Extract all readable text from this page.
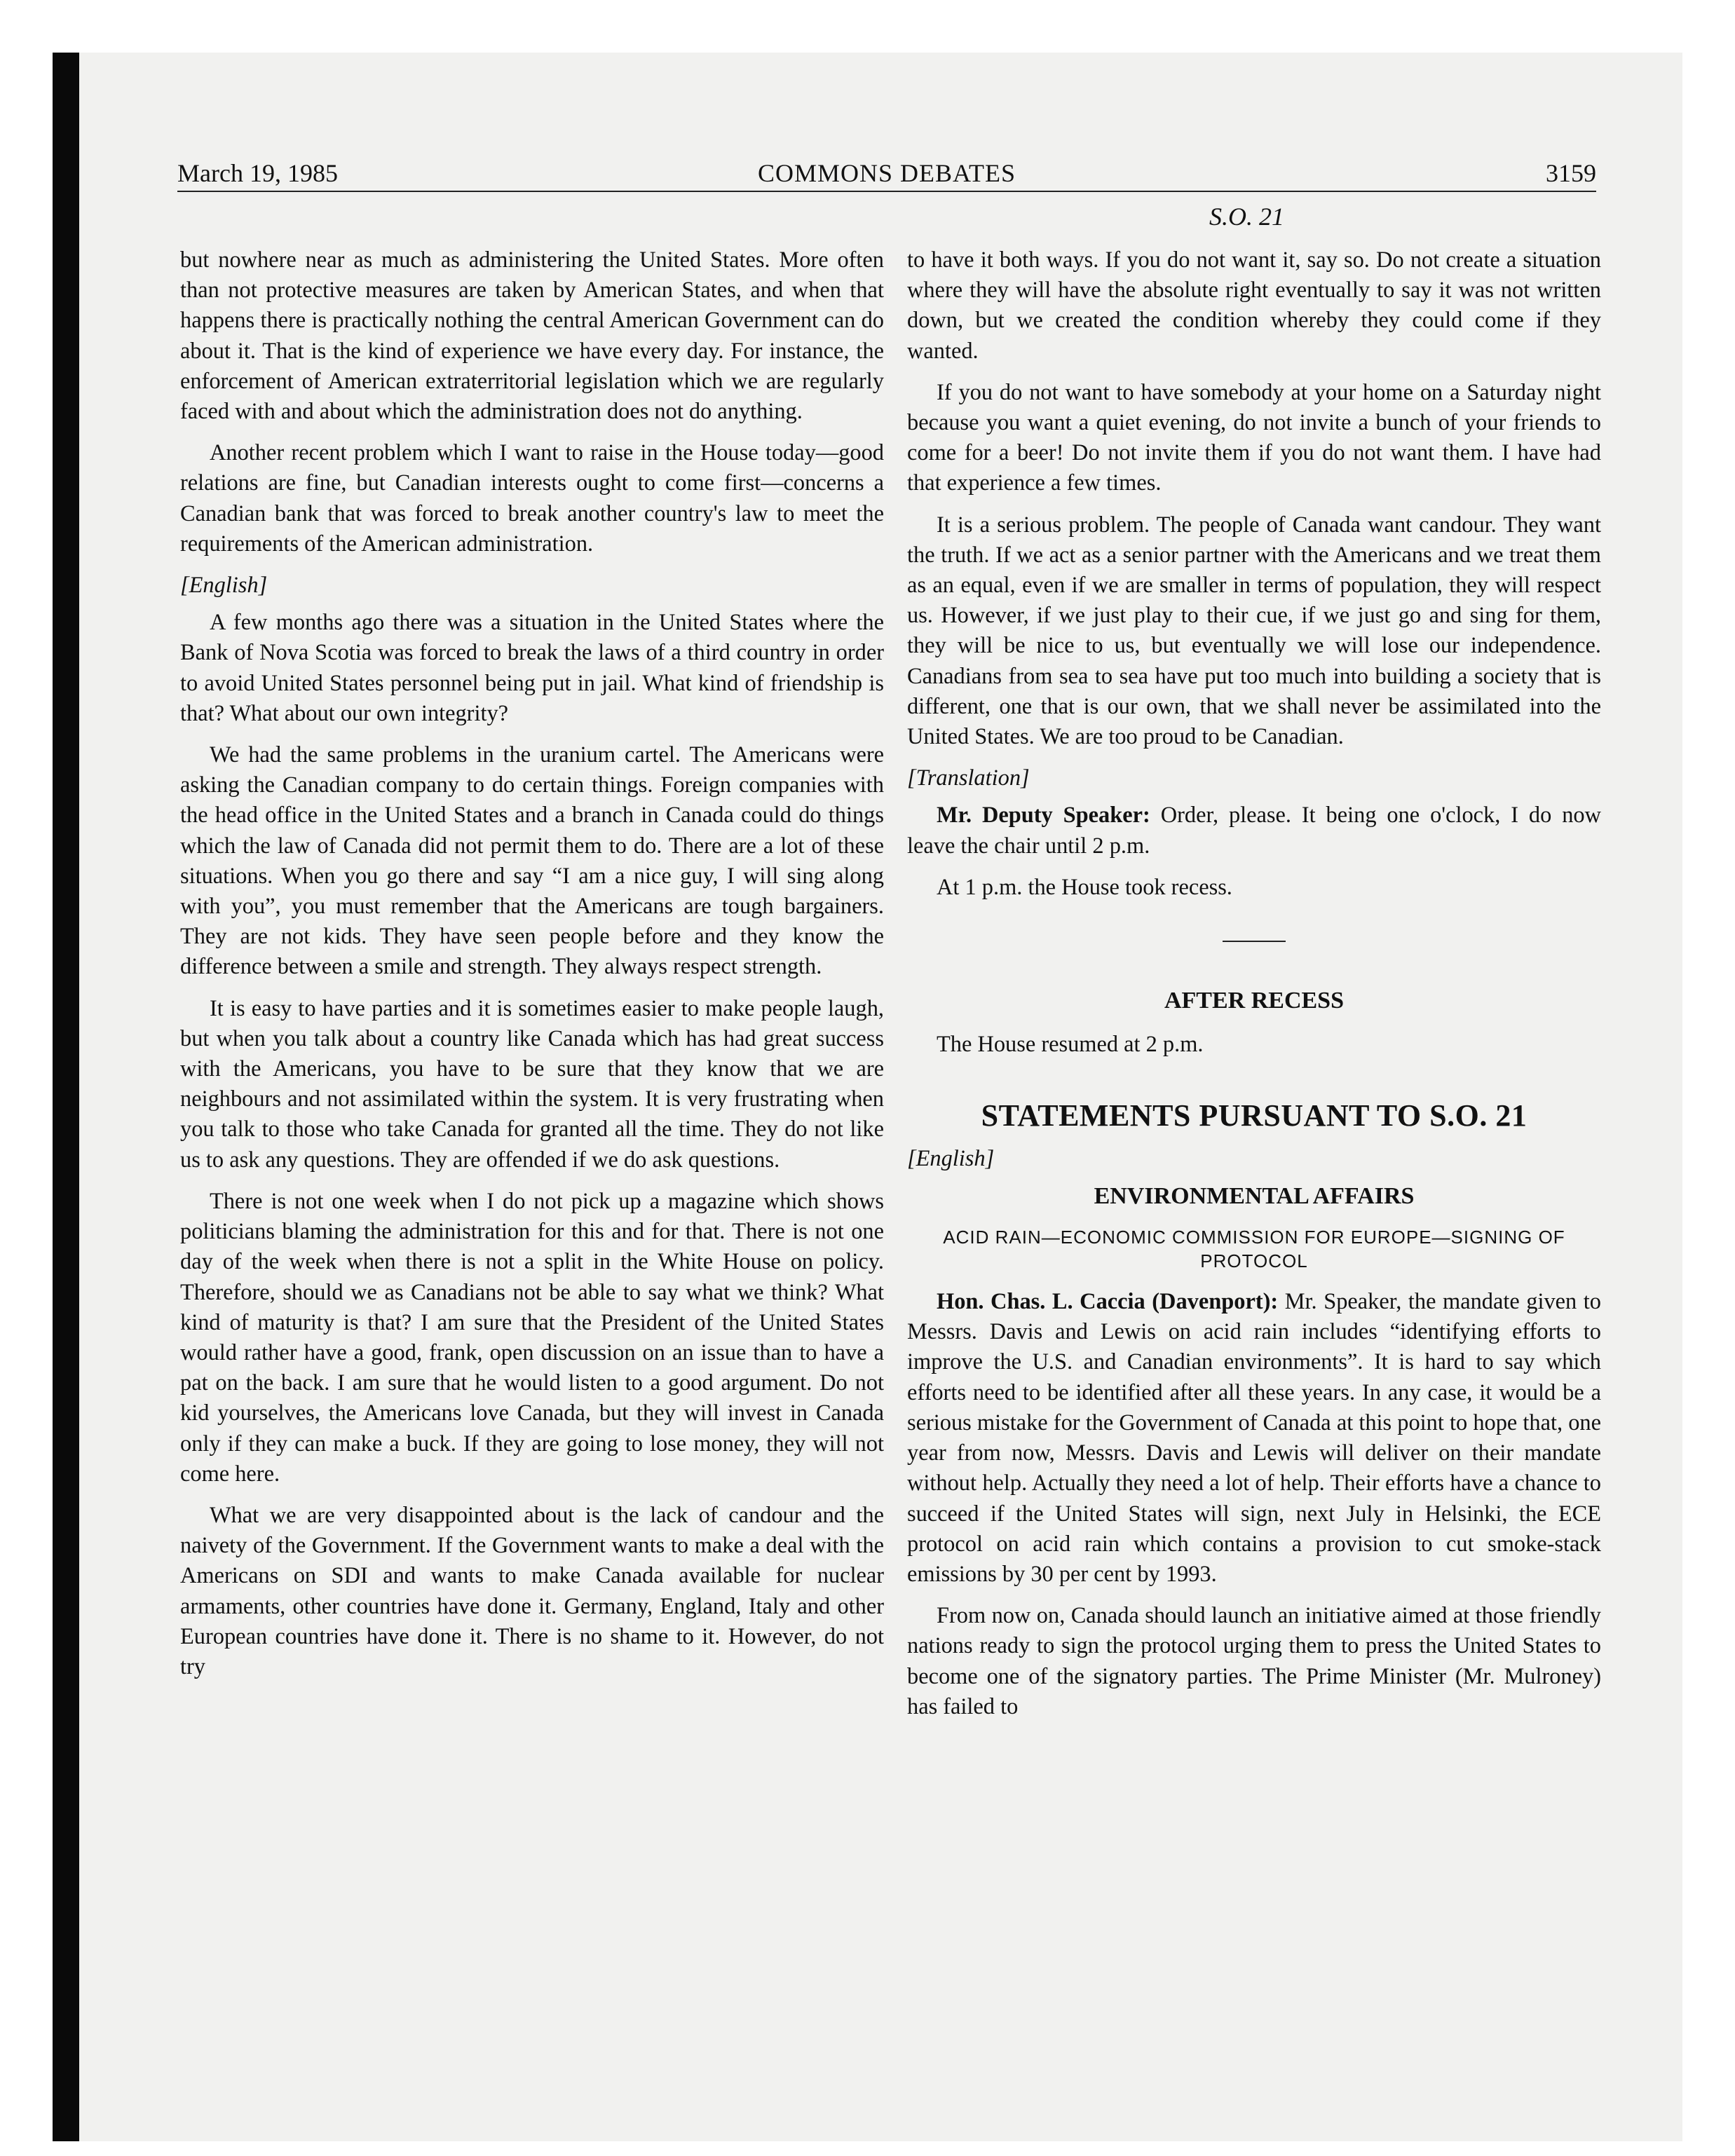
March 19, 1985	COMMONS DEBATES	3159
S.O. 21

but nowhere near as much as administering the United States. More often than not protective measures are taken by American States, and when that happens there is practically nothing the central American Government can do about it. That is the kind of experience we have every day. For instance, the enforcement of American extraterritorial legislation which we are regularly faced with and about which the administration does not do anything.

Another recent problem which I want to raise in the House today—good relations are fine, but Canadian interests ought to come first—concerns a Canadian bank that was forced to break another country's law to meet the requirements of the American administration.

[English]

A few months ago there was a situation in the United States where the Bank of Nova Scotia was forced to break the laws of a third country in order to avoid United States personnel being put in jail. What kind of friendship is that? What about our own integrity?

We had the same problems in the uranium cartel. The Americans were asking the Canadian company to do certain things. Foreign companies with the head office in the United States and a branch in Canada could do things which the law of Canada did not permit them to do. There are a lot of these situations. When you go there and say “I am a nice guy, I will sing along with you”, you must remember that the Americans are tough bargainers. They are not kids. They have seen people before and they know the difference between a smile and strength. They always respect strength.

It is easy to have parties and it is sometimes easier to make people laugh, but when you talk about a country like Canada which has had great success with the Americans, you have to be sure that they know that we are neighbours and not assimilated within the system. It is very frustrating when you talk to those who take Canada for granted all the time. They do not like us to ask any questions. They are offended if we do ask questions.

There is not one week when I do not pick up a magazine which shows politicians blaming the administration for this and for that. There is not one day of the week when there is not a split in the White House on policy. Therefore, should we as Canadians not be able to say what we think? What kind of maturity is that? I am sure that the President of the United States would rather have a good, frank, open discussion on an issue than to have a pat on the back. I am sure that he would listen to a good argument. Do not kid yourselves, the Americans love Canada, but they will invest in Canada only if they can make a buck. If they are going to lose money, they will not come here.

What we are very disappointed about is the lack of candour and the naivety of the Government. If the Government wants to make a deal with the Americans on SDI and wants to make Canada available for nuclear armaments, other countries have done it. Germany, England, Italy and other European countries have done it. There is no shame to it. However, do not try

to have it both ways. If you do not want it, say so. Do not create a situation where they will have the absolute right eventually to say it was not written down, but we created the condition whereby they could come if they wanted.

If you do not want to have somebody at your home on a Saturday night because you want a quiet evening, do not invite a bunch of your friends to come for a beer! Do not invite them if you do not want them. I have had that experience a few times.

It is a serious problem. The people of Canada want candour. They want the truth. If we act as a senior partner with the Americans and we treat them as an equal, even if we are smaller in terms of population, they will respect us. However, if we just play to their cue, if we just go and sing for them, they will be nice to us, but eventually we will lose our independence. Canadians from sea to sea have put too much into building a society that is different, one that is our own, that we shall never be assimilated into the United States. We are too proud to be Canadian.

[Translation]

Mr. Deputy Speaker: Order, please. It being one o'clock, I do now leave the chair until 2 p.m.

At 1 p.m. the House took recess.

AFTER RECESS

The House resumed at 2 p.m.

STATEMENTS PURSUANT TO S.O. 21

[English]

ENVIRONMENTAL AFFAIRS
ACID RAIN—ECONOMIC COMMISSION FOR EUROPE—SIGNING OF PROTOCOL

Hon. Chas. L. Caccia (Davenport): Mr. Speaker, the mandate given to Messrs. Davis and Lewis on acid rain includes “identifying efforts to improve the U.S. and Canadian environments”. It is hard to say which efforts need to be identified after all these years. In any case, it would be a serious mistake for the Government of Canada at this point to hope that, one year from now, Messrs. Davis and Lewis will deliver on their mandate without help. Actually they need a lot of help. Their efforts have a chance to succeed if the United States will sign, next July in Helsinki, the ECE protocol on acid rain which contains a provision to cut smoke-stack emissions by 30 per cent by 1993.

From now on, Canada should launch an initiative aimed at those friendly nations ready to sign the protocol urging them to press the United States to become one of the signatory parties. The Prime Minister (Mr. Mulroney) has failed to
